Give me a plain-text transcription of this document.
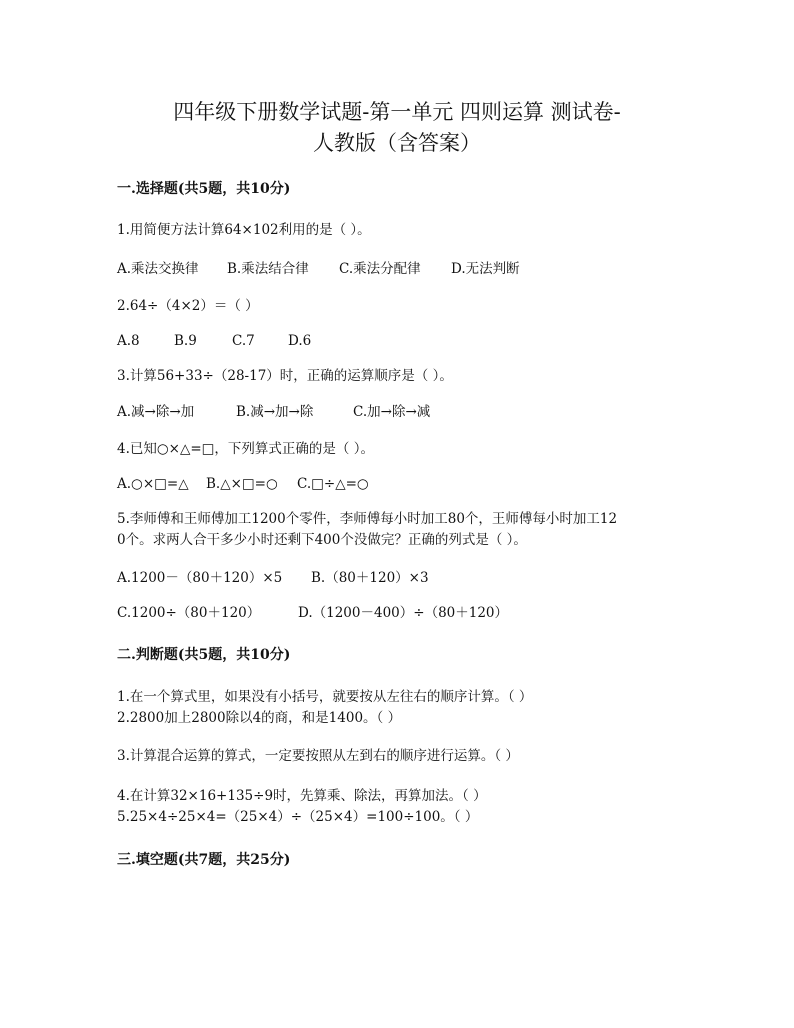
四年级下册数学试题-第一单元 四则运算 测试卷-
人教版（含答案）
一.选择题(共5题，共10分)
1.用简便方法计算64×102利用的是（ ）。
A.乘法交换律 B.乘法结合律 C.乘法分配律 D.无法判断
2.64÷（4×2）＝（ ）
A.8	B.9	C.7 D.6
3.计算56+33÷（28-17）时，正确的运算顺序是（ ）。
A.减→除→加	B.减→加→除	C.加→除→减
4.已知○×△=□，下列算式正确的是（ ）。
A.○×□=△ B.△×□=○ C.□÷△=○
5.李师傅和王师傅加工1200个零件，李师傅每小时加工80个，王师傅每小时加工12
0个。求两人合干多少小时还剩下400个没做完？正确的列式是（ ）。
A.1200－（80＋120）×5 B.（80＋120）×3
C.1200÷（80＋120）	D.（1200－400）÷（80＋120）
二.判断题(共5题，共10分)
1.在一个算式里，如果没有小括号，就要按从左往右的顺序计算。（ ）
2.2800加上2800除以4的商，和是1400。（ ）
3.计算混合运算的算式，一定要按照从左到右的顺序进行运算。（ ）
4.在计算32×16+135÷9时，先算乘、除法，再算加法。（ ）
5.25×4÷25×4=（25×4）÷（25×4）=100÷100。（ ）
三.填空题(共7题，共25分)
